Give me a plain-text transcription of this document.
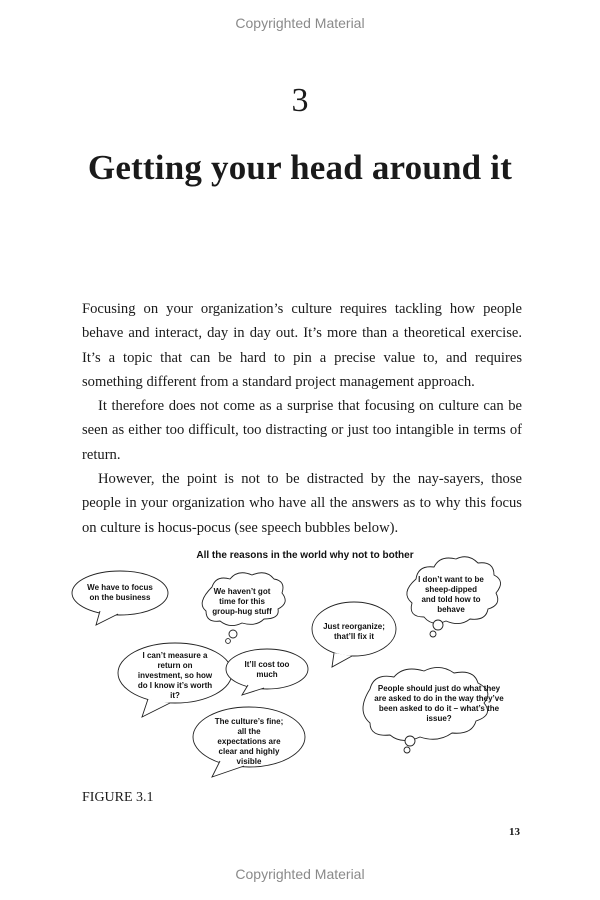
Copyrighted Material
3
Getting your head around it

Focusing on your organization’s culture requires tackling how people behave and interact, day in day out. It’s more than a theoretical exercise. It’s a topic that can be hard to pin a precise value to, and requires something different from a standard project management approach.

It therefore does not come as a surprise that focusing on culture can be seen as either too difficult, too distracting or just too intangible in terms of return.

However, the point is not to be distracted by the nay-sayers, those people in your organization who have all the answers as to why this focus on culture is hocus-pocus (see speech bubbles below).

All the reasons in the world why not to bother
We have to focus on the business
We haven’t got time for this group-hug stuff
Just reorganize; that’ll fix it
I don’t want to be sheep-dipped and told how to behave
I can’t measure a return on investment, so how do I know it’s worth it?
It’ll cost too much
People should just do what they are asked to do in the way they’ve been asked to do it – what’s the issue?
The culture’s fine; all the expectations are clear and highly visible
FIGURE 3.1
13
Copyrighted Material
